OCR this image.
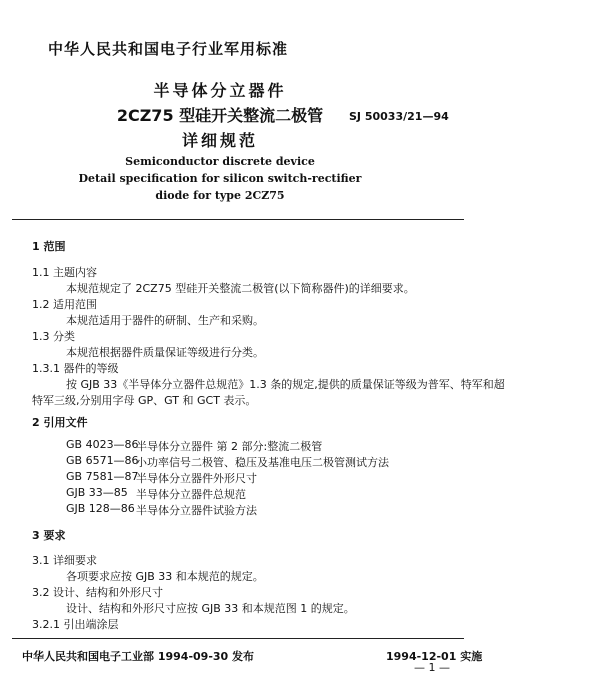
中华人民共和国电子行业军用标准
半导体分立器件
2CZ75 型硅开关整流二极管
详细规范
SJ 50033/21—94
Semiconductor discrete device
Detail specification for silicon switch-rectifier
diode for type 2CZ75
1 范围
1.1 主题内容
本规范规定了 2CZ75 型硅开关整流二极管(以下简称器件)的详细要求。
1.2 适用范围
本规范适用于器件的研制、生产和采购。
1.3 分类
本规范根据器件质量保证等级进行分类。
1.3.1 器件的等级
按 GJB 33《半导体分立器件总规范》1.3 条的规定,提供的质量保证等级为普军、特军和超
特军三级,分别用字母 GP、GT 和 GCT 表示。
2 引用文件
GB 4023—86
半导体分立器件 第 2 部分:整流二极管
GB 6571—86
小功率信号二极管、稳压及基准电压二极管测试方法
GB 7581—87
半导体分立器件外形尺寸
GJB 33—85 半导体分立器件总规范
GJB 128—86 半导体分立器件试验方法
3 要求
3.1 详细要求
各项要求应按 GJB 33 和本规范的规定。
3.2 设计、结构和外形尺寸
设计、结构和外形尺寸应按 GJB 33 和本规范图 1 的规定。
3.2.1 引出端涂层
中华人民共和国电子工业部 1994-09-30 发布	1994-12-01 实施
— 1 —
